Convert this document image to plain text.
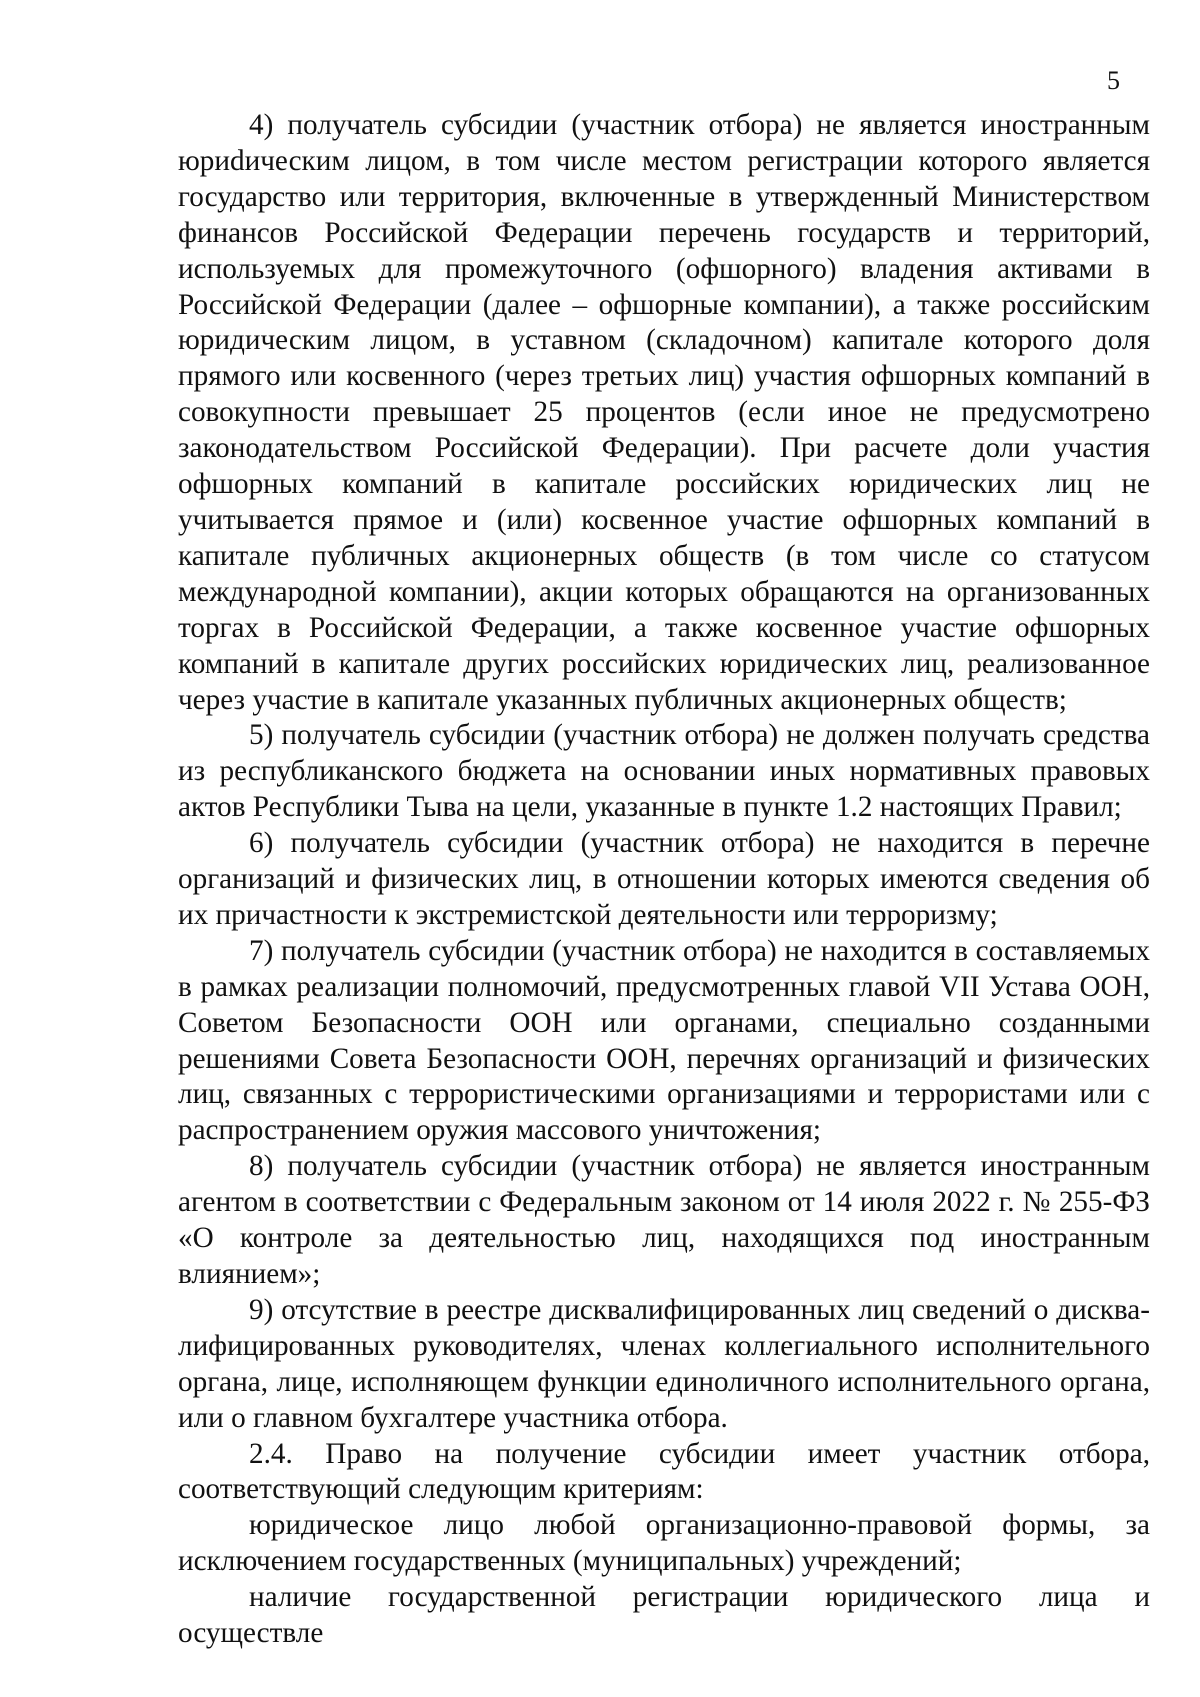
5

4) получатель субсидии (участник отбора) не является иностранным юриdическим лицом, в том числе местом регистрации которого является государство или территория, включенные в утвержденный Министерством финансов Российской Федерации перечень государств и территорий, используемых для промежуточного (офшорного) владения активами в Российской Федерации (далее – офшорные компании), а также российским юридическим лицом, в уставном (складочном) капитале которого доля прямого или косвенного (через третьих лиц) участия офшорных компаний в совокупности превышает 25 процентов (если иное не предусмотрено законодательством Российской Федерации). При расчете доли участия офшорных компаний в капитале российских юридических лиц не учитывается прямое и (или) косвенное участие офшорных компаний в капитале публичных акционерных обществ (в том числе со статусом международной компании), акции которых обращаются на организованных торгах в Российской Федерации, а также косвенное участие офшорных компаний в капитале других российских юридических лиц, реализованное через участие в капитале указанных публичных акционерных обществ;

5) получатель субсидии (участник отбора) не должен получать средства из республиканского бюджета на основании иных нормативных правовых актов Республики Тыва на цели, указанные в пункте 1.2 настоящих Правил;

6) получатель субсидии (участник отбора) не находится в перечне организаций и физических лиц, в отношении которых имеются сведения об их причастности к экстремистской деятельности или терроризму;

7) получатель субсидии (участник отбора) не находится в составляемых в рамках реализации полномочий, предусмотренных главой VII Устава ООН, Советом Безопасности ООН или органами, специально созданными решениями Совета Безопасности ООН, перечнях организаций и физических лиц, связанных с террористическими организациями и террористами или с распространением оружия массового уничтожения;

8) получатель субсидии (участник отбора) не является иностранным агентом в соответствии с Федеральным законом от 14 июля 2022 г. № 255-ФЗ «О контроле за деятельностью лиц, находящихся под иностранным влиянием»;

9) отсутствие в реестре дисквалифицированных лиц сведений о дисквалифицированных руководителях, членах коллегиального исполнительного органа, лице, исполняющем функции единоличного исполнительного органа, или о главном бухгалтере участника отбора.

2.4. Право на получение субсидии имеет участник отбора, соответствующий следующим критериям:

юридическое лицо любой организационно-правовой формы, за исключением государственных (муниципальных) учреждений;

наличие государственной регистрации юридического лица и осуществле
